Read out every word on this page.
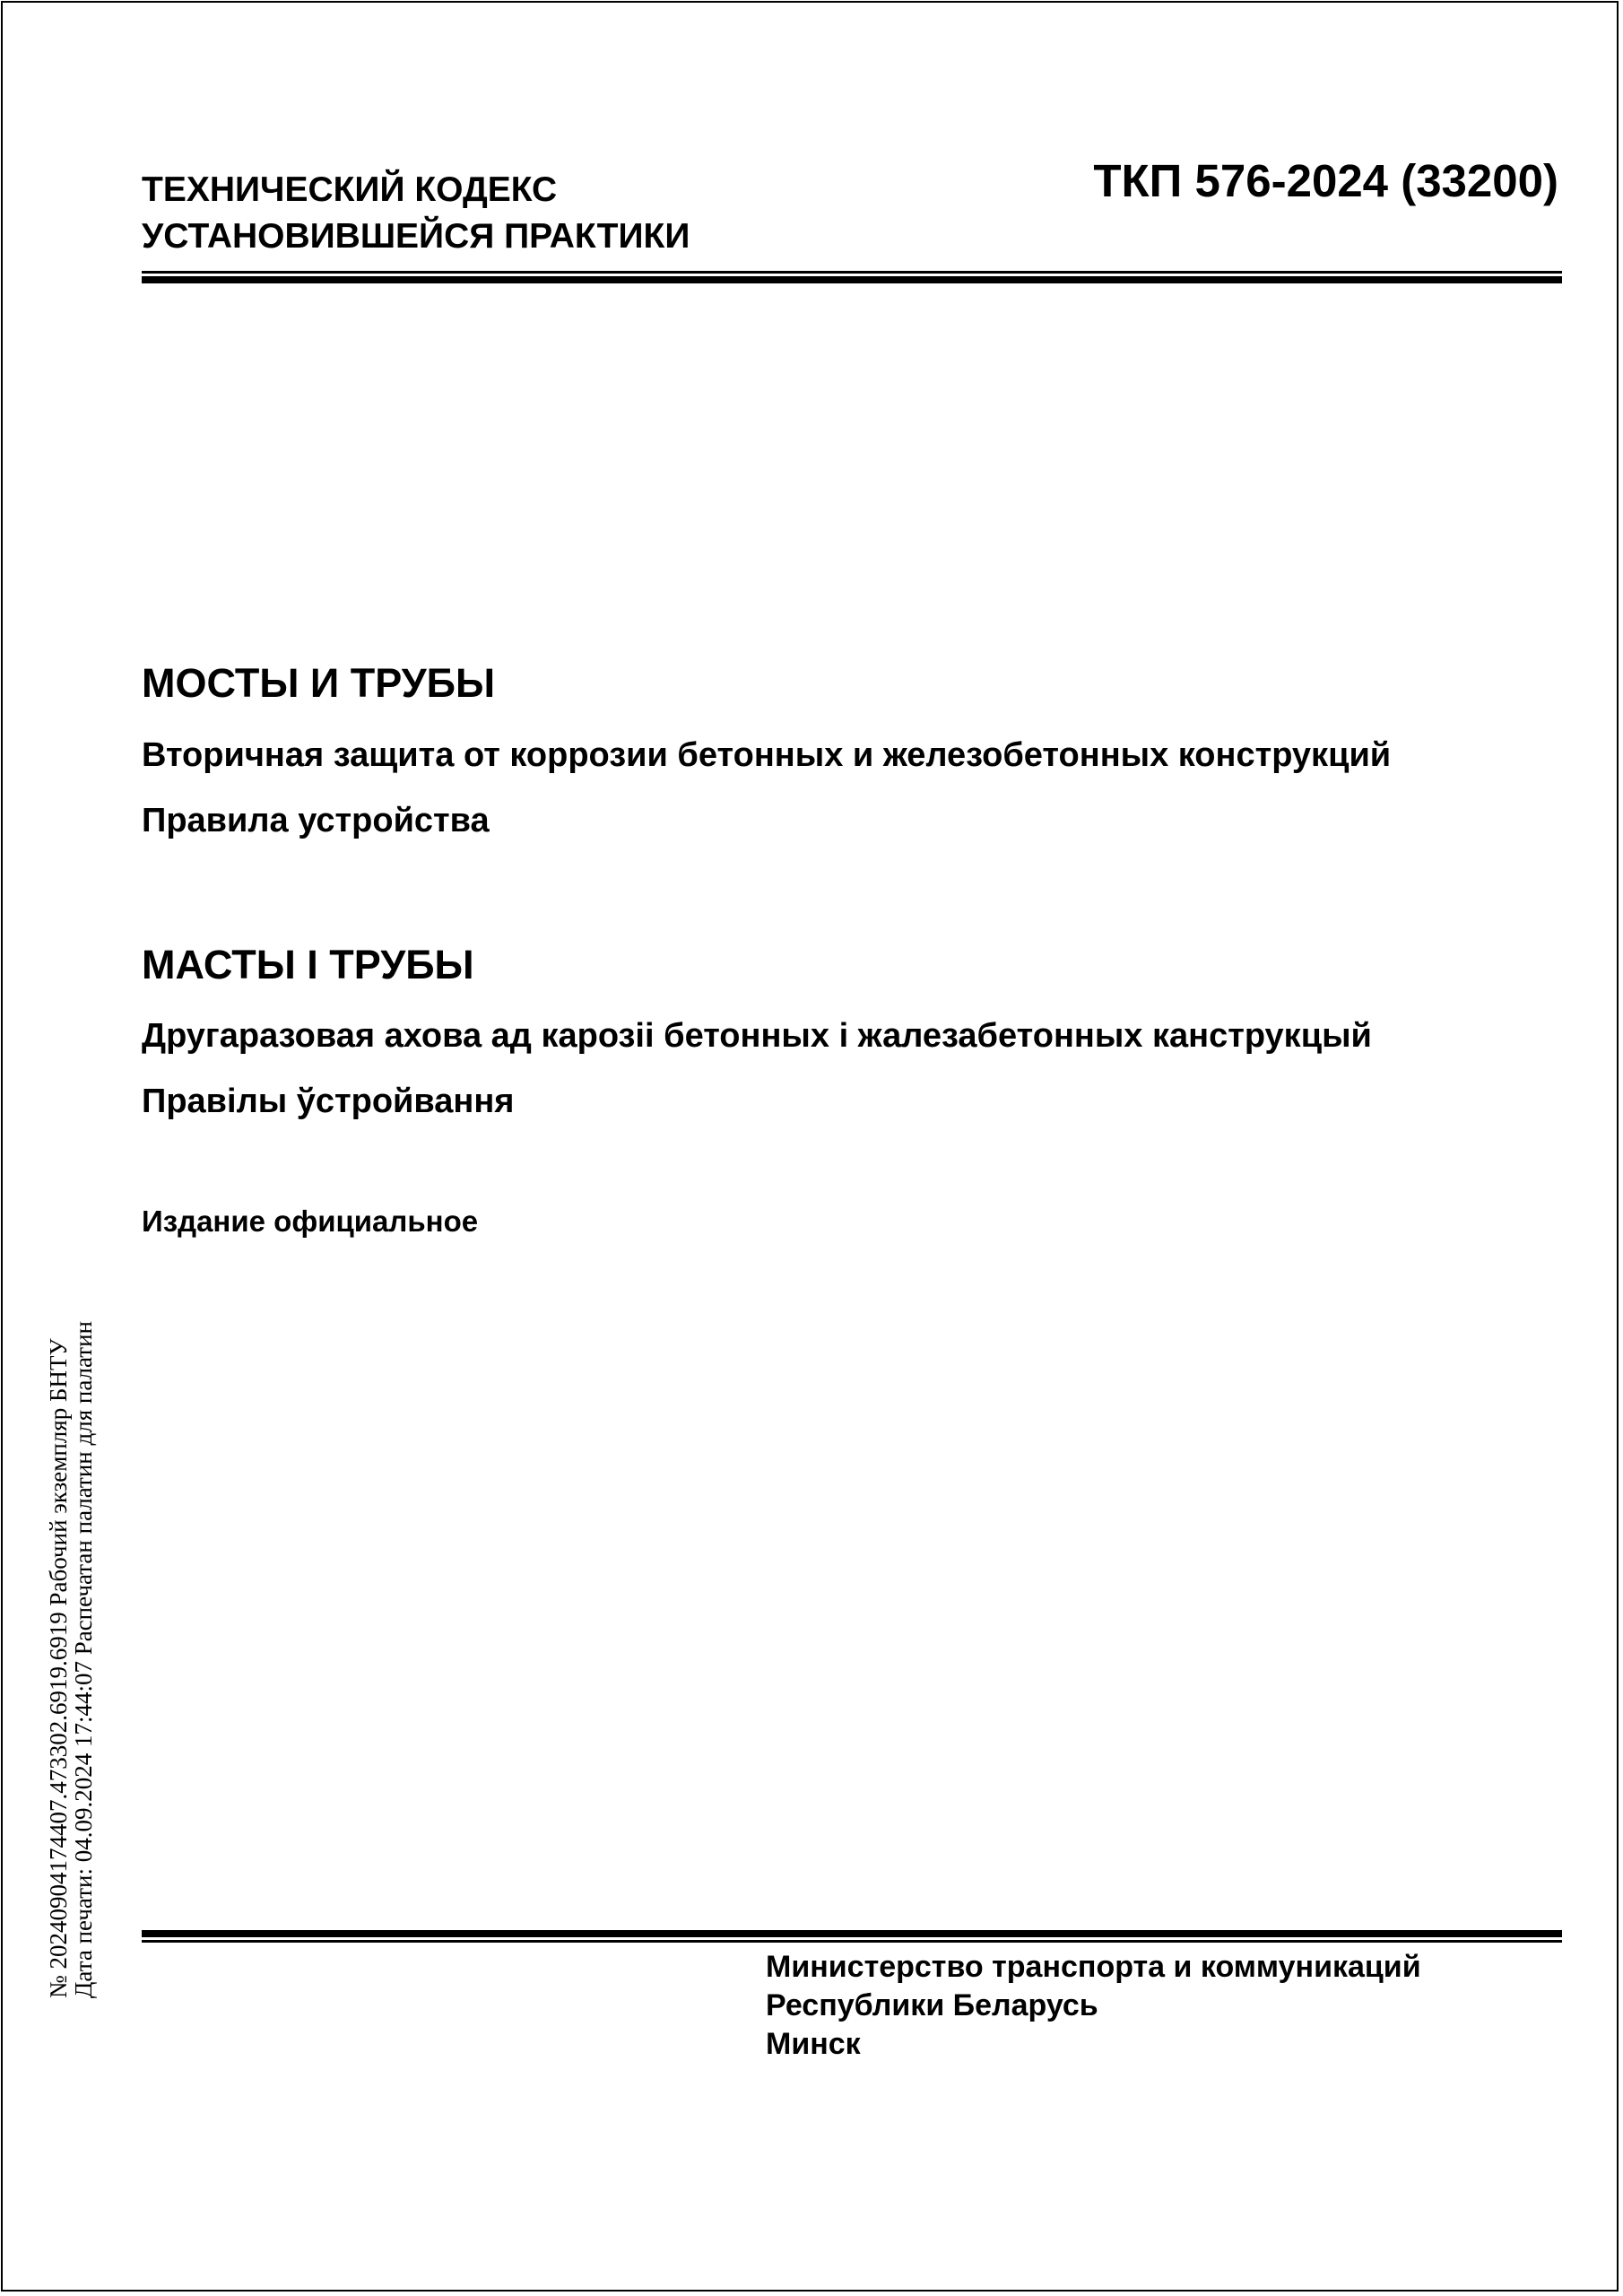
ТЕХНИЧЕСКИЙ КОДЕКС
УСТАНОВИВШЕЙСЯ ПРАКТИКИ
ТКП 576-2024 (33200)
МОСТЫ И ТРУБЫ
Вторичная защита от коррозии бетонных и железобетонных конструкций
Правила устройства
МАСТЫ І ТРУБЫ
Другаразовая ахова ад карозіі бетонных і жалезабетонных канструкцый
Правілы ўстройвання
Издание официальное
№ 20240904174407.473302.6919.6919 Рабочий экземпляр БНТУ
Дата печати: 04.09.2024 17:44:07 Распечатан палатин для палатин	Министерство транспорта и коммуникаций
Республики Беларусь
Минск
